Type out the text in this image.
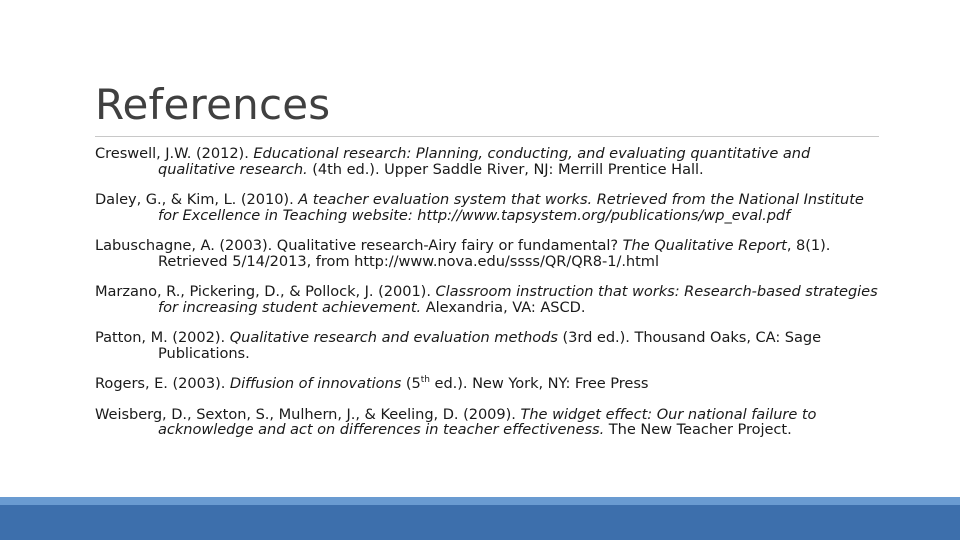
References
Creswell, J.W. (2012). Educational research: Planning, conducting, and evaluating quantitative and qualitative research. (4th ed.). Upper Saddle River, NJ: Merrill Prentice Hall.
Daley, G., & Kim, L. (2010). A teacher evaluation system that works. Retrieved from the National Institute for Excellence in Teaching website: http://www.tapsystem.org/publications/wp_eval.pdf
Labuschagne, A. (2003). Qualitative research-Airy fairy or fundamental? The Qualitative Report, 8(1). Retrieved 5/14/2013, from http://www.nova.edu/ssss/QR/QR8-1/.html
Marzano, R., Pickering, D., & Pollock, J. (2001). Classroom instruction that works: Research-based strategies for increasing student achievement. Alexandria, VA: ASCD.
Patton, M. (2002). Qualitative research and evaluation methods (3rd ed.). Thousand Oaks, CA: Sage Publications.
Rogers, E. (2003). Diffusion of innovations (5th ed.). New York, NY: Free Press
Weisberg, D., Sexton, S., Mulhern, J., & Keeling, D. (2009). The widget effect: Our national failure to acknowledge and act on differences in teacher effectiveness. The New Teacher Project.
